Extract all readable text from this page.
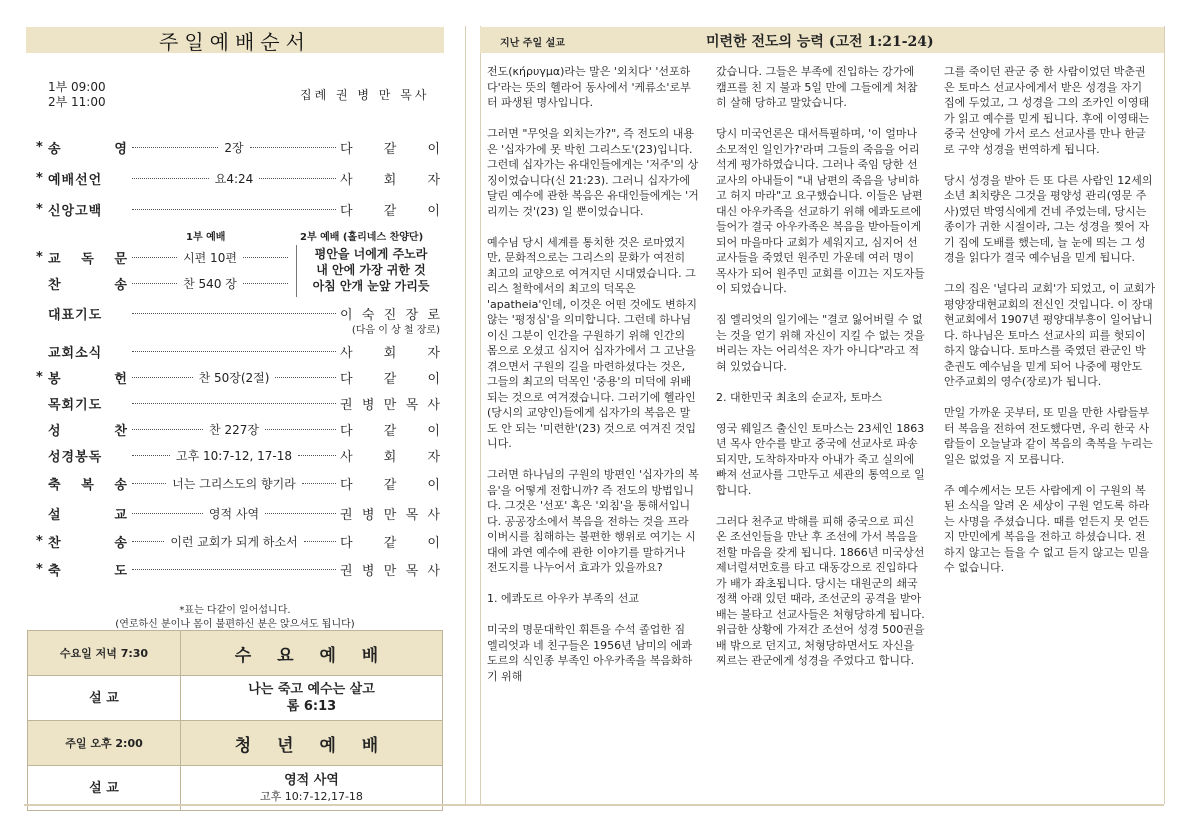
주일예배순서
1부 09:00
2부 11:00	집례 권 병 만 목사
* 송 영	2장	다 같 이
* 예배선언	요4:24	사 회 자
* 신앙고백	다 같 이
1부 예배	2부 예배 (홀리네스 찬양단)
평안을 너에게 주노라
내 안에 가장 귀한 것
아침 안개 눈앞 가리듯
* 교 독 문	시편 10편
찬 송	찬 540 장
대표기도	이 숙 진 장 로
(다음 이 상 철 장로)
교회소식	사 회 자
* 봉 헌	찬 50장(2절)	다 같 이
목회기도	권 병 만 목 사
성 찬	찬 227장	다 같 이
성경봉독	고후 10:7-12, 17-18	사 회 자
축 복 송	너는 그리스도의 향기라	다 같 이
설 교	영적 사역	권 병 만 목 사
* 찬 송	이런 교회가 되게 하소서	다 같 이
* 축 도	권 병 만 목 사
*표는 다같이 일어섭니다.
(연로하신 분이나 몸이 불편하신 분은 앉으셔도 됩니다)
수요일 저녁 7:30	수 요 예 배
설 교	나는 죽고 예수는 살고
롬 6:13

주일 오후 2:00	청 년 예 배
설 교	영적 사역
고후 10:7-12,17-18
지난 주일 설교	미련한 전도의 능력 (고전 1:21-24)

전도(κήρυγμα)라는 말은 '외치다' '선포하다'라는 뜻의 헬라어 동사에서 '케류소'로부터 파생된 명사입니다.

그러면 "무엇을 외치는가?", 즉 전도의 내용은 '십자가에 못 박힌 그리스도'(23)입니다. 그런데 십자가는 유대인들에게는 '저주'의 상징이었습니다(신 21:23). 그러니 십자가에 달린 예수에 관한 복음은 유대인들에게는 '거리끼는 것'(23) 일 뿐이었습니다.

예수님 당시 세계를 통치한 것은 로마였지만, 문화적으로는 그리스의 문화가 여전히 최고의 교양으로 여겨지던 시대였습니다. 그리스 철학에서의 최고의 덕목은 'apatheia'인데, 이것은 어떤 것에도 변하지 않는 '평정심'을 의미합니다. 그런데 하나님이신 그분이 인간을 구원하기 위해 인간의 몸으로 오셨고 심지어 십자가에서 그 고난을 겪으면서 구원의 길을 마련하셨다는 것은, 그들의 최고의 덕목인 '중용'의 미덕에 위배되는 것으로 여겨졌습니다. 그러기에 헬라인(당시의 교양인)들에게 십자가의 복음은 말도 안 되는 '미련한'(23) 것으로 여겨진 것입니다.

그러면 하나님의 구원의 방편인 '십자가의 복음'을 어떻게 전합니까? 즉 전도의 방법입니다. 그것은 '선포' 혹은 '외침'을 통해서입니다. 공공장소에서 복음을 전하는 것을 프라이버시를 침해하는 불편한 행위로 여기는 시대에 과연 예수에 관한 이야기를 말하거나 전도지를 나누어서 효과가 있을까요?

1. 에콰도르 아우카 부족의 선교

미국의 명문대학인 휘튼을 수석 졸업한 짐 엘리엇과 네 친구들은 1956년 남미의 에콰도르의 식인종 부족인 아우카족을 복음화하기 위해

갔습니다. 그들은 부족에 진입하는 강가에 캠프를 친 지 불과 5일 만에 그들에게 처참히 살해 당하고 말았습니다.

당시 미국언론은 대서특필하며, '이 얼마나 소모적인 일인가?'라며 그들의 죽음을 어리석게 평가하였습니다. 그러나 죽임 당한 선교사의 아내들이 "내 남편의 죽음을 낭비하고 허지 마라"고 요구했습니다. 이들은 남편 대신 아우카족을 선교하기 위해 에콰도르에 들어가 결국 아우카족은 복음을 받아들이게 되어 마을마다 교회가 세워지고, 심지어 선교사들을 죽였던 원주민 가운데 여러 명이 목사가 되어 원주민 교회를 이끄는 지도자들이 되었습니다.

짐 엘리엇의 일기에는 "결코 잃어버릴 수 없는 것을 얻기 위해 자신이 지킬 수 없는 것을 버리는 자는 어리석은 자가 아니다"라고 적혀 있었습니다.

2. 대한민국 최초의 순교자, 토마스

영국 웨일즈 출신인 토마스는 23세인 1863년 목사 안수를 받고 중국에 선교사로 파송 되지만, 도착하자마자 아내가 죽고 실의에 빠져 선교사를 그만두고 세관의 통역으로 일합니다.

그러다 천주교 박해를 피해 중국으로 피신 온 조선인들을 만난 후 조선에 가서 복음을 전할 마음을 갖게 됩니다. 1866년 미국상선 제너럴셔먼호를 타고 대동강으로 진입하다가 배가 좌초됩니다. 당시는 대원군의 쇄국정책 아래 있던 때라, 조선군의 공격을 받아 배는 불타고 선교사들은 처형당하게 됩니다. 위급한 상황에 가져간 조선어 성경 500권을 배 밖으로 던지고, 처형당하면서도 자신을 찌르는 관군에게 성경을 주었다고 합니다.

그를 죽이던 관군 중 한 사람이었던 박춘권은 토마스 선교사에게서 받은 성경을 자기 집에 두었고, 그 성경을 그의 조카인 이영태가 읽고 예수를 믿게 됩니다. 후에 이영태는 중국 선양에 가서 로스 선교사를 만나 한글로 구약 성경을 번역하게 됩니다.

당시 성경을 받아 든 또 다른 사람인 12세의 소년 최치량은 그것을 평양성 관리(영문 주사)였던 박영식에게 건네 주었는데, 당시는 종이가 귀한 시절이라, 그는 성경을 찢어 자기 집에 도배를 했는데, 늘 눈에 띄는 그 성경을 읽다가 결국 예수님을 믿게 됩니다.

그의 집은 '널다리 교회'가 되었고, 이 교회가 평양장대현교회의 전신인 것입니다. 이 장대현교회에서 1907년 평양대부흥이 일어납니다. 하나님은 토마스 선교사의 피를 헛되이 하지 않습니다. 토마스를 죽였던 관군인 박춘권도 예수님을 믿게 되어 나중에 평안도 안주교회의 영수(장로)가 됩니다.

만일 가까운 곳부터, 또 믿을 만한 사람들부터 복음을 전하여 전도했다면, 우리 한국 사람들이 오늘날과 같이 복음의 축복을 누리는 일은 없었을 지 모릅니다.

주 예수께서는 모든 사람에게 이 구원의 복된 소식을 알려 온 세상이 구원 얻도록 하라는 사명을 주셨습니다. 때를 얻든지 못 얻든지 만민에게 복음을 전하고 하셨습니다. 전하지 않고는 들을 수 없고 듣지 않고는 믿을 수 없습니다.
